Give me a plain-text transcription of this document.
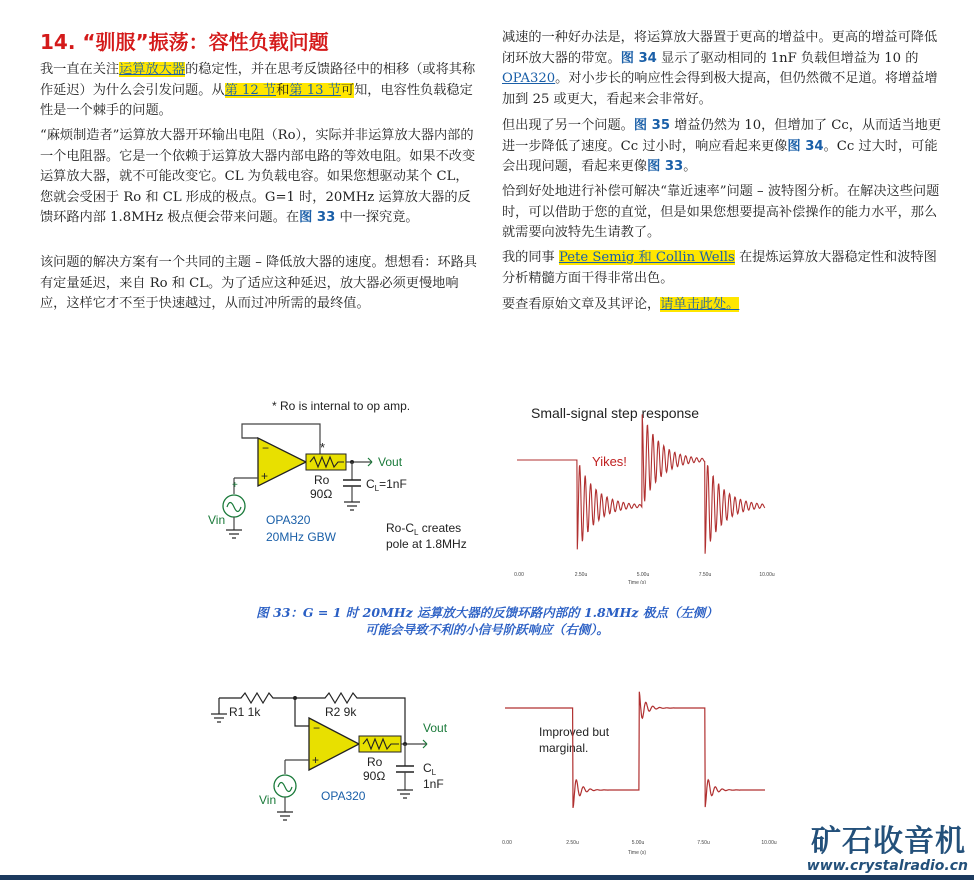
14. “驯服”振荡：容性负载问题

我一直在关注运算放大器的稳定性，并在思考反馈路径中的相移（或将其称作延迟）为什么会引发问题。从第 12 节和第 13 节可知，电容性负载稳定性是一个棘手的问题。

“麻烦制造者”运算放大器开环输出电阻（Ro），实际并非运算放大器内部的一个电阻器。它是一个依赖于运算放大器内部电路的等效电阻。如果不改变运算放大器，就不可能改变它。CL 为负载电容。如果您想驱动某个 CL，您就会受困于 Ro 和 CL 形成的极点。G=1 时，20MHz 运算放大器的反馈环路内部 1.8MHz 极点便会带来问题。在图 33 中一探究竟。

该问题的解决方案有一个共同的主题 – 降低放大器的速度。想想看：环路具有定量延迟，来自 Ro 和 CL。为了适应这种延迟，放大器必须更慢地响应，这样它才不至于快速越过，从而过冲所需的最终值。

减速的一种好办法是，将运算放大器置于更高的增益中。更高的增益可降低闭环放大器的带宽。图 34 显示了驱动相同的 1nF 负载但增益为 10 的 OPA320。对小步长的响应性会得到极大提高，但仍然微不足道。将增益增加到 25 或更大，看起来会非常好。

但出现了另一个问题。图 35 增益仍然为 10，但增加了 Cc，从而适当地更进一步降低了速度。Cc 过小时，响应看起来更像图 34。Cc 过大时，可能会出现问题，看起来更像图 33。

恰到好处地进行补偿可解决“靠近速率”问题 – 波特图分析。在解决这些问题时，可以借助于您的直觉，但是如果您想要提高补偿操作的能力水平，那么就需要向波特先生请教了。

我的同事 Pete Semig 和 Collin Wells 在提炼运算放大器稳定性和波特图分析精髓方面干得非常出色。

要查看原始文章及其评论，请单击此处。

* Ro is internal to op amp.
−
+
*
Ro
90Ω
Vout
$C_L=1nF$
+
Vin	OPA320
20MHz GBW
$Ro-C_L$ creates
pole at 1.8MHz
Small-signal step response
Yikes!
0.00	2.50u	5.00u	7.50u	10.00u
Time (s)
图 33：G = 1 时 20MHz 运算放大器的反馈环路内部的 1.8MHz 极点（左侧）
可能会导致不利的小信号阶跃响应（右侧）。
R1 1k	R2 9k
−
+
Vout
Ro
90Ω
$C_L$
1nF
Vin	OPA320
Improved but
marginal.
0.00	2.50u	5.00u	7.50u	10.00u
Time (s)	矿石收音机
www.crystalradio.cn
